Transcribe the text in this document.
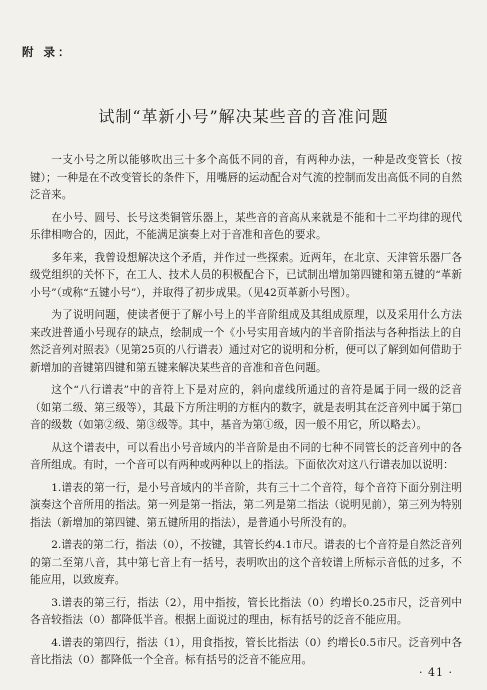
附 录：
试制“革新小号”解决某些音的音准问题

一支小号之所以能够吹出三十多个高低不同的音，有两种办法，一种是改变管长（按键）；一种是在不改变管长的条件下，用嘴唇的运动配合对气流的控制而发出高低不同的自然泛音来。

在小号、圆号、长号这类铜管乐器上，某些音的音高从来就是不能和十二平均律的现代乐律相吻合的，因此，不能满足演奏上对于音准和音色的要求。

多年来，我曾设想解决这个矛盾，并作过一些探索。近两年，在北京、天津管乐器厂各级党组织的关怀下，在工人、技术人员的积极配合下，已试制出增加第四键和第五键的“革新小号”（或称“五键小号”），并取得了初步成果。（见42页革新小号图）。

为了说明问题，使读者便于了解小号上的半音阶组成及其组成原理，以及采用什么方法来改进普通小号现存的缺点，绘制成一个《小号实用音域内的半音阶指法与各种指法上的自然泛音列对照表》（见第25页的八行谱表）通过对它的说明和分析，便可以了解到如何借助于新增加的音键第四键和第五键来解决某些音的音准和音色问题。

这个“八行谱表”中的音符上下是对应的，斜向虚线所通过的音符是属于同一级的泛音（如第二级、第三级等），其最下方所注明的方框内的数字，就是表明其在泛音列中属于第□音的级数（如第②级、第③级等。其中，基音为第①级，因一般不用它，所以略去）。

从这个谱表中，可以看出小号音域内的半音阶是由不同的七种不同管长的泛音列中的各音所组成。有时，一个音可以有两种或两种以上的指法。下面依次对这八行谱表加以说明：

1.谱表的第一行，是小号音域内的半音阶，共有三十二个音符，每个音符下面分别注明演奏这个音所用的指法。第一列是第一指法，第二列是第二指法（说明见前），第三列为特别指法（新增加的第四键、第五键所用的指法），是普通小号所没有的。

2.谱表的第二行，指法（0），不按键，其管长约4.1市尺。谱表的七个音符是自然泛音列的第二至第八音，其中第七音上有一括号，表明吹出的这个音较谱上所标示音低的过多，不能应用，以致废弃。

3.谱表的第三行，指法（2），用中指按，管长比指法（0）约增长0.25市尺，泛音列中各音较指法（0）都降低半音。根据上面说过的理由，标有括号的泛音不能应用。

4.谱表的第四行，指法（1），用食指按，管长比指法（0）约增长0.5市尺。泛音列中各音比指法（0）都降低一个全音。标有括号的泛音不能应用。

· 41 ·
